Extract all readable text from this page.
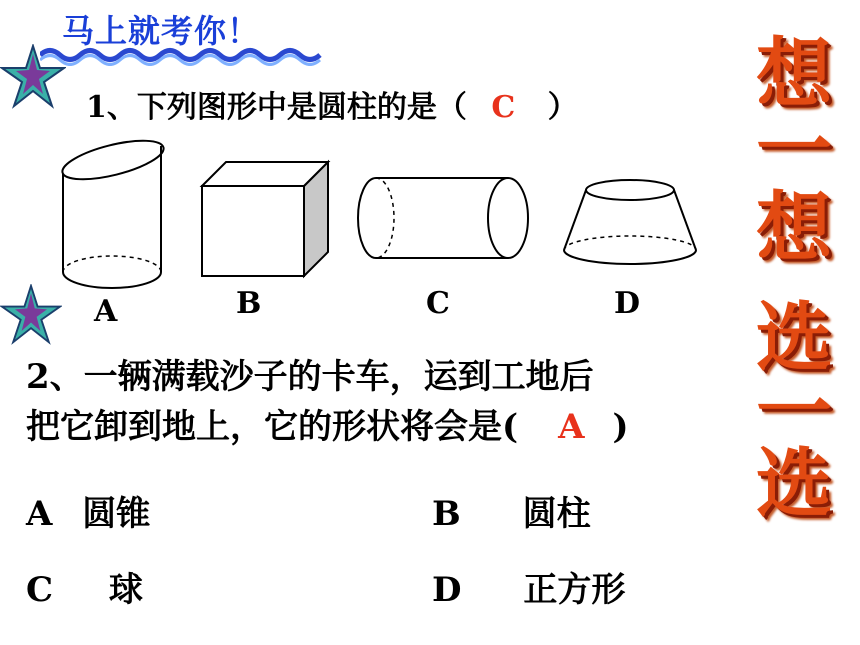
马上就考你！
1、下列图形中是圆柱的是（ C ）
A	B	C	D
2、一辆满载沙子的卡车，运到工地后
把它卸到地上，它的形状将会是( A )
A 圆锥	B 圆柱
C 球	D 正方形
想
一
想
选
一
选
